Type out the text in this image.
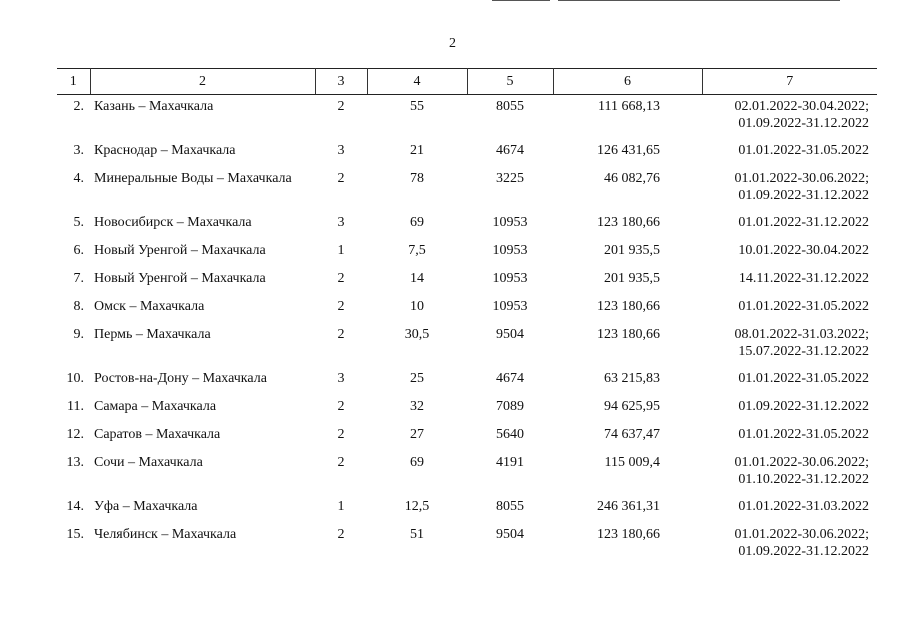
2
1	2	3	4	5	6	7
2.	Казань – Махачкала	2	55	8055	111 668,13	02.01.2022-30.04.2022;
01.09.2022-31.12.2022

3.	Краснодар – Махачкала	3	21	4674	126 431,65	01.01.2022-31.05.2022

4.	Минеральные Воды – Махачкала	2	78	3225	46 082,76	01.01.2022-30.06.2022;
01.09.2022-31.12.2022

5.	Новосибирск – Махачкала	3	69	10953	123 180,66	01.01.2022-31.12.2022

6.	Новый Уренгой – Махачкала	1	7,5	10953	201 935,5	10.01.2022-30.04.2022

7.	Новый Уренгой – Махачкала	2	14	10953	201 935,5	14.11.2022-31.12.2022

8.	Омск – Махачкала	2	10	10953	123 180,66	01.01.2022-31.05.2022

9.	Пермь – Махачкала	2	30,5	9504	123 180,66	08.01.2022-31.03.2022;
15.07.2022-31.12.2022

10.	Ростов-на-Дону – Махачкала	3	25	4674	63 215,83	01.01.2022-31.05.2022

11.	Самара – Махачкала	2	32	7089	94 625,95	01.09.2022-31.12.2022

12.	Саратов – Махачкала	2	27	5640	74 637,47	01.01.2022-31.05.2022

13.	Сочи – Махачкала	2	69	4191	115 009,4	01.01.2022-30.06.2022;
01.10.2022-31.12.2022

14.	Уфа – Махачкала	1	12,5	8055	246 361,31	01.01.2022-31.03.2022

15.	Челябинск – Махачкала	2	51	9504	123 180,66	01.01.2022-30.06.2022;
01.09.2022-31.12.2022
